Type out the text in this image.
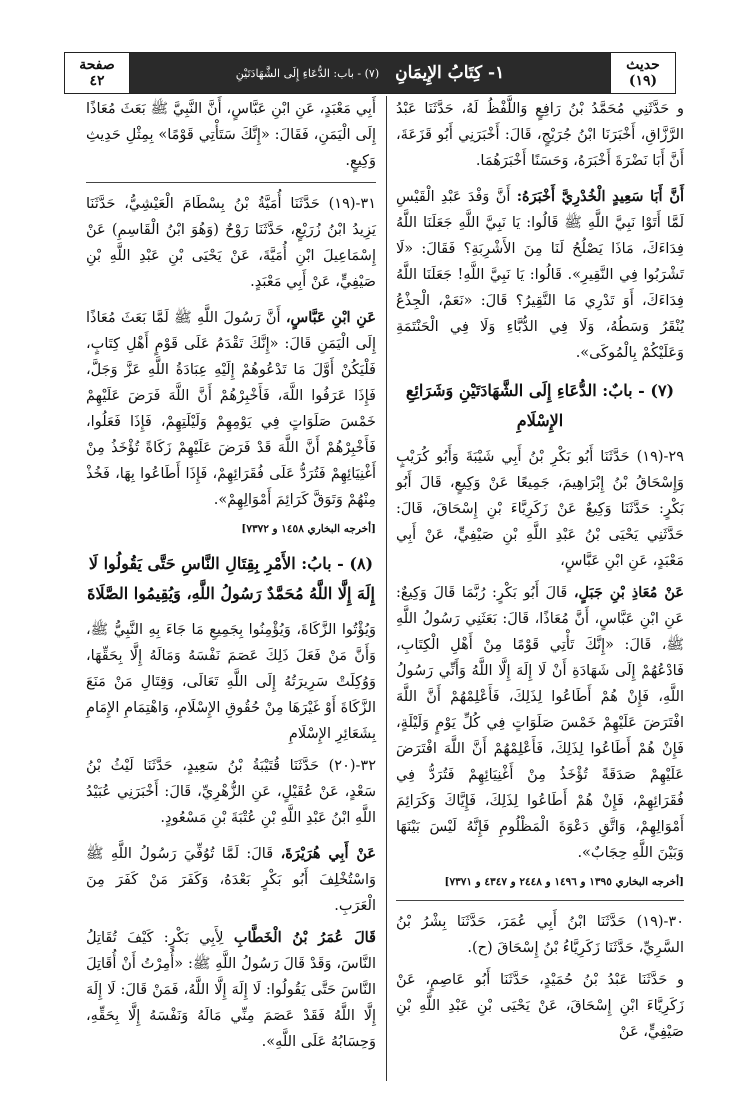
حديث
(١٩)
١- كِتَابُ الإِيمَانِ
(٧) - باب: الدُّعَاءِ إِلَى الشَّهَادَتَيْنِ
صفحة
٤٢

و حَدَّثَنِي مُحَمَّدُ بْنُ رَافِعٍ وَاللَّفْظُ لَهُ، حَدَّثَنَا عَبْدُ الرَّزَّاقِ، أَخْبَرَنَا ابْنُ جُرَيْجٍ، قَالَ: أَخْبَرَنِي أَبُو قَزَعَةَ، أَنَّ أَبَا نَضْرَةَ أَخْبَرَهُ، وَحَسَنًا أَخْبَرَهُمَا.

أَنَّ أَبَا سَعِيدٍ الْخُدْرِيَّ أَخْبَرَهُ: أَنَّ وَفْدَ عَبْدِ الْقَيْسِ لَمَّا أَتَوْا نَبِيَّ اللَّهِ ﷺ قَالُوا: يَا نَبِيَّ اللَّهِ جَعَلَنَا اللَّهُ فِدَاءَكَ، مَاذَا يَصْلُحُ لَنَا مِنَ الأَشْرِبَةِ؟ فَقَالَ: «لَا تَشْرَبُوا فِي النَّقِيرِ». قَالُوا: يَا نَبِيَّ اللَّهِ! جَعَلَنَا اللَّهُ فِدَاءَكَ، أَوَ تَدْرِي مَا النَّقِيرُ؟ قَالَ: «نَعَمْ، الْجِذْعُ يُنْقَرُ وَسَطُهُ، وَلَا فِي الدُّبَّاءِ وَلَا فِي الْحَنْتَمَةِ وَعَلَيْكُمْ بِالْمُوكَى».

(٧) - بابٌ: الدُّعَاءِ إِلَى الشَّهَادَتَيْنِ وَشَرَائِعِ الإِسْلَامِ

٢٩-(١٩) حَدَّثَنَا أَبُو بَكْرِ بْنُ أَبِي شَيْبَةَ وَأَبُو كُرَيْبٍ وَإِسْحَاقُ بْنُ إِبْرَاهِيمَ، جَمِيعًا عَنْ وَكِيعٍ، قَالَ أَبُو بَكْرٍ: حَدَّثَنَا وَكِيعٌ عَنْ زَكَرِيَّاءَ بْنِ إِسْحَاقَ، قَالَ: حَدَّثَنِي يَحْيَى بْنُ عَبْدِ اللَّهِ بْنِ صَيْفِيٍّ، عَنْ أَبِي مَعْبَدٍ، عَنِ ابْنِ عَبَّاسٍ،

عَنْ مُعَاذِ بْنِ جَبَلٍ، قَالَ أَبُو بَكْرٍ: رُبَّمَا قَالَ وَكِيعٌ: عَنِ ابْنِ عَبَّاسٍ، أَنَّ مُعَاذًا، قَالَ: بَعَثَنِي رَسُولُ اللَّهِ ﷺ، قَالَ: «إِنَّكَ تَأْتِي قَوْمًا مِنْ أَهْلِ الْكِتَابِ، فَادْعُهُمْ إِلَى شَهَادَةِ أَنْ لَا إِلَهَ إِلَّا اللَّهُ وَأَنِّي رَسُولُ اللَّهِ، فَإِنْ هُمْ أَطَاعُوا لِذَلِكَ، فَأَعْلِمْهُمْ أَنَّ اللَّهَ افْتَرَضَ عَلَيْهِمْ خَمْسَ صَلَوَاتٍ فِي كُلِّ يَوْمٍ وَلَيْلَةٍ، فَإِنْ هُمْ أَطَاعُوا لِذَلِكَ، فَأَعْلِمْهُمْ أَنَّ اللَّهَ افْتَرَضَ عَلَيْهِمْ صَدَقَةً تُؤْخَذُ مِنْ أَغْنِيَائِهِمْ فَتُرَدُّ فِي فُقَرَائِهِمْ، فَإِنْ هُمْ أَطَاعُوا لِذَلِكَ، فَإِيَّاكَ وَكَرَائِمَ أَمْوَالِهِمْ، وَاتَّقِ دَعْوَةَ الْمَظْلُومِ فَإِنَّهُ لَيْسَ بَيْنَهَا وَبَيْنَ اللَّهِ حِجَابٌ».

[أخرجه البخاري ١٣٩٥ و ١٤٩٦ و ٢٤٤٨ و ٤٣٤٧ و ٧٣٧١]

٣٠-(١٩) حَدَّثَنَا ابْنُ أَبِي عُمَرَ، حَدَّثَنَا بِشْرُ بْنُ السَّرِيِّ، حَدَّثَنَا زَكَرِيَّاءُ بْنُ إِسْحَاقَ (ح).

و حَدَّثَنَا عَبْدُ بْنُ حُمَيْدٍ، حَدَّثَنَا أَبُو عَاصِمٍ، عَنْ زَكَرِيَّاءَ ابْنِ إِسْحَاقَ، عَنْ يَحْيَى بْنِ عَبْدِ اللَّهِ بْنِ صَيْفِيٍّ، عَنْ

أَبِي مَعْبَدٍ، عَنِ ابْنِ عَبَّاسٍ، أَنَّ النَّبِيَّ ﷺ بَعَثَ مُعَاذًا إِلَى الْيَمَنِ، فَقَالَ: «إِنَّكَ سَتَأْتِي قَوْمًا» بِمِثْلِ حَدِيثِ وَكِيعٍ.

٣١-(١٩) حَدَّثَنَا أُمَيَّةُ بْنُ بِسْطَامَ الْعَيْشِيُّ، حَدَّثَنَا يَزِيدُ ابْنُ زُرَيْعٍ، حَدَّثَنَا رَوْحٌ (وَهُوَ ابْنُ الْقَاسِمِ) عَنْ إِسْمَاعِيلَ ابْنِ أُمَيَّةَ، عَنْ يَحْيَى بْنِ عَبْدِ اللَّهِ بْنِ صَيْفِيٍّ، عَنْ أَبِي مَعْبَدٍ.

عَنِ ابْنِ عَبَّاسٍ، أَنَّ رَسُولَ اللَّهِ ﷺ لَمَّا بَعَثَ مُعَاذًا إِلَى الْيَمَنِ قَالَ: «إِنَّكَ تَقْدَمُ عَلَى قَوْمٍ أَهْلِ كِتَابٍ، فَلْيَكُنْ أَوَّلَ مَا تَدْعُوهُمْ إِلَيْهِ عِبَادَةُ اللَّهِ عَزَّ وَجَلَّ، فَإِذَا عَرَفُوا اللَّهَ، فَأَخْبِرْهُمْ أَنَّ اللَّهَ فَرَضَ عَلَيْهِمْ خَمْسَ صَلَوَاتٍ فِي يَوْمِهِمْ وَلَيْلَتِهِمْ، فَإِذَا فَعَلُوا، فَأَخْبِرْهُمْ أَنَّ اللَّهَ قَدْ فَرَضَ عَلَيْهِمْ زَكَاةً تُؤْخَذُ مِنْ أَغْنِيَائِهِمْ فَتُرَدُّ عَلَى فُقَرَائِهِمْ، فَإِذَا أَطَاعُوا بِهَا، فَخُذْ مِنْهُمْ وَتَوَقَّ كَرَائِمَ أَمْوَالِهِمْ».

[أخرجه البخاري ١٤٥٨ و ٧٣٧٢]

(٨) - بابُ: الأَمْرِ بِقِتَالِ النَّاسِ حَتَّى يَقُولُوا لَا إِلَهَ إِلَّا اللَّهُ مُحَمَّدٌ رَسُولُ اللَّهِ، وَيُقِيمُوا الصَّلَاةَ

وَيُؤْتُوا الزَّكَاةَ، وَيُؤْمِنُوا بِجَمِيعِ مَا جَاءَ بِهِ النَّبِيُّ ﷺ، وَأَنَّ مَنْ فَعَلَ ذَلِكَ عَصَمَ نَفْسَهُ وَمَالَهُ إِلَّا بِحَقِّهَا، وَوُكِلَتْ سَرِيرَتُهُ إِلَى اللَّهِ تَعَالَى، وَقِتَالِ مَنْ مَنَعَ الزَّكَاةَ أَوْ غَيْرَهَا مِنْ حُقُوقِ الإِسْلَامِ، وَاهْتِمَامِ الإِمَامِ بِشَعَائِرِ الإِسْلَامِ

٣٢-(٢٠) حَدَّثَنَا قُتَيْبَةُ بْنُ سَعِيدٍ، حَدَّثَنَا لَيْثُ بْنُ سَعْدٍ، عَنْ عُقَيْلٍ، عَنِ الزُّهْرِيِّ، قَالَ: أَخْبَرَنِي عُبَيْدُ اللَّهِ ابْنُ عَبْدِ اللَّهِ بْنِ عُتْبَةَ بْنِ مَسْعُودٍ.

عَنْ أَبِي هُرَيْرَةَ، قَالَ: لَمَّا تُوُفِّيَ رَسُولُ اللَّهِ ﷺ وَاسْتُخْلِفَ أَبُو بَكْرٍ بَعْدَهُ، وَكَفَرَ مَنْ كَفَرَ مِنَ الْعَرَبِ.

قَالَ عُمَرُ بْنُ الْخَطَّابِ لِأَبِي بَكْرٍ: كَيْفَ تُقَاتِلُ النَّاسَ، وَقَدْ قَالَ رَسُولُ اللَّهِ ﷺ: «أُمِرْتُ أَنْ أُقَاتِلَ النَّاسَ حَتَّى يَقُولُوا: لَا إِلَهَ إِلَّا اللَّهُ، فَمَنْ قَالَ: لَا إِلَهَ إِلَّا اللَّهُ فَقَدْ عَصَمَ مِنِّي مَالَهُ وَنَفْسَهُ إِلَّا بِحَقِّهِ، وَحِسَابُهُ عَلَى اللَّهِ».
